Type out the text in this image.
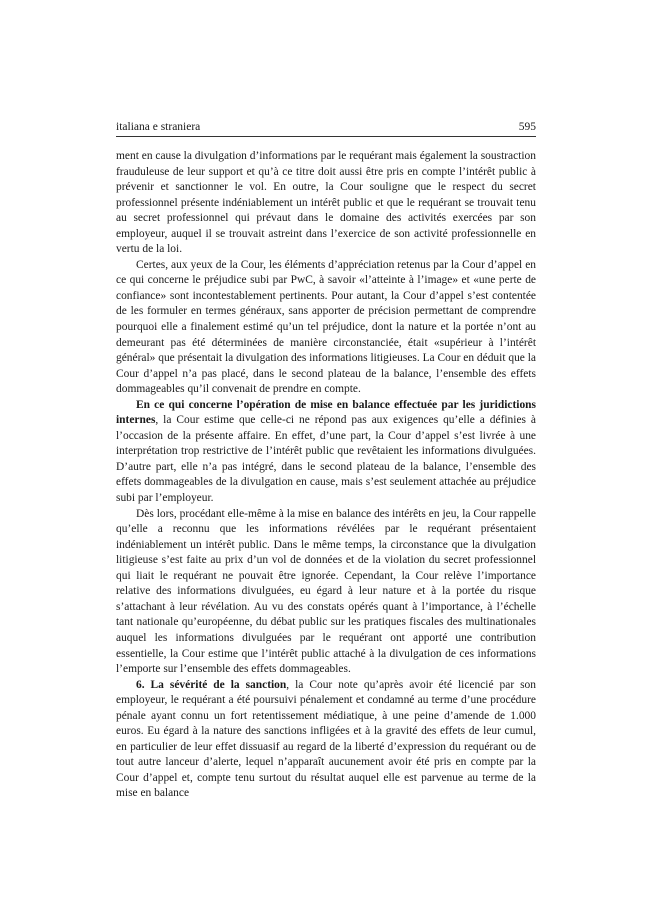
italiana e straniera	595

ment en cause la divulgation d’informations par le requérant mais également la soustraction frauduleuse de leur support et qu’à ce titre doit aussi être pris en compte l’intérêt public à prévenir et sanctionner le vol. En outre, la Cour souligne que le respect du secret professionnel présente indéniablement un intérêt public et que le requérant se trouvait tenu au secret professionnel qui prévaut dans le domaine des activités exercées par son employeur, auquel il se trouvait astreint dans l’exercice de son activité professionnelle en vertu de la loi.

Certes, aux yeux de la Cour, les éléments d’appréciation retenus par la Cour d’appel en ce qui concerne le préjudice subi par PwC, à savoir «l’atteinte à l’image» et «une perte de confiance» sont incontestablement pertinents. Pour autant, la Cour d’appel s’est contentée de les formuler en termes généraux, sans apporter de précision permettant de comprendre pourquoi elle a finalement estimé qu’un tel préjudice, dont la nature et la portée n’ont au demeurant pas été déterminées de manière circonstanciée, était «supérieur à l’intérêt général» que présentait la divulgation des informations litigieuses. La Cour en déduit que la Cour d’appel n’a pas placé, dans le second plateau de la balance, l’ensemble des effets dommageables qu’il convenait de prendre en compte.

En ce qui concerne l’opération de mise en balance effectuée par les juridictions internes, la Cour estime que celle-ci ne répond pas aux exigences qu’elle a définies à l’occasion de la présente affaire. En effet, d’une part, la Cour d’appel s’est livrée à une interprétation trop restrictive de l’intérêt public que revêtaient les informations divulguées. D’autre part, elle n’a pas intégré, dans le second plateau de la balance, l’ensemble des effets dommageables de la divulgation en cause, mais s’est seulement attachée au préjudice subi par l’employeur.

Dès lors, procédant elle-même à la mise en balance des intérêts en jeu, la Cour rappelle qu’elle a reconnu que les informations révélées par le requérant présentaient indéniablement un intérêt public. Dans le même temps, la circonstance que la divulgation litigieuse s’est faite au prix d’un vol de données et de la violation du secret professionnel qui liait le requérant ne pouvait être ignorée. Cependant, la Cour relève l’importance relative des informations divulguées, eu égard à leur nature et à la portée du risque s’attachant à leur révélation. Au vu des constats opérés quant à l’importance, à l’échelle tant nationale qu’européenne, du débat public sur les pratiques fiscales des multinationales auquel les informations divulguées par le requérant ont apporté une contribution essentielle, la Cour estime que l’intérêt public attaché à la divulgation de ces informations l’emporte sur l’ensemble des effets dommageables.

6. La sévérité de la sanction, la Cour note qu’après avoir été licencié par son employeur, le requérant a été poursuivi pénalement et condamné au terme d’une procédure pénale ayant connu un fort retentissement médiatique, à une peine d’amende de 1.000 euros. Eu égard à la nature des sanctions infligées et à la gravité des effets de leur cumul, en particulier de leur effet dissuasif au regard de la liberté d’expression du requérant ou de tout autre lanceur d’alerte, lequel n’apparaît aucunement avoir été pris en compte par la Cour d’appel et, compte tenu surtout du résultat auquel elle est parvenue au terme de la mise en balance
